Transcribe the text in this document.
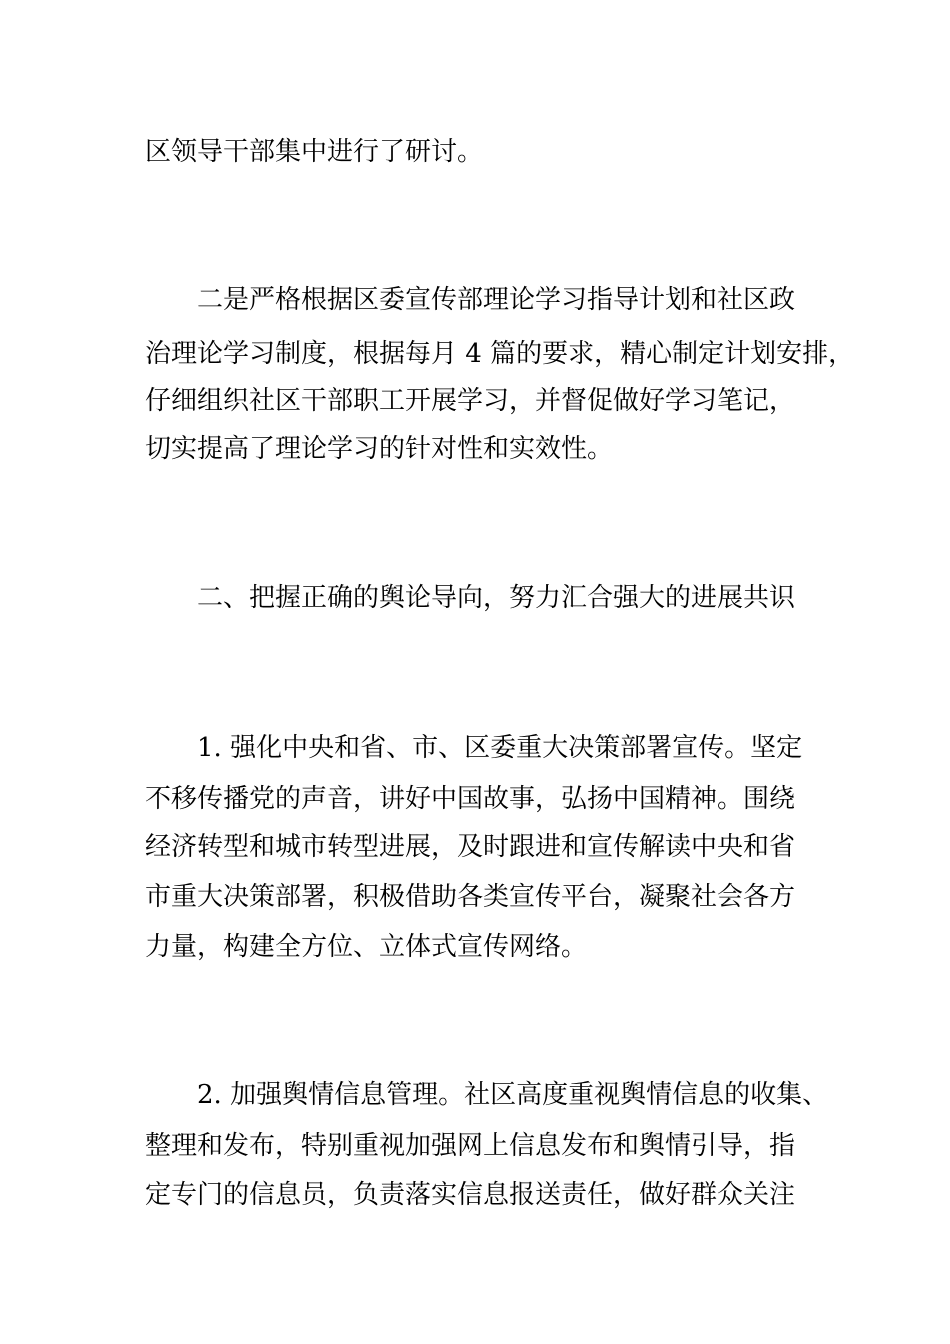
区领导干部集中进行了研讨。

二是严格根据区委宣传部理论学习指导计划和社区政

治理论学习制度，根据每月 4 篇的要求，精心制定计划安排，

仔细组织社区干部职工开展学习，并督促做好学习笔记，

切实提高了理论学习的针对性和实效性。

二、把握正确的舆论导向，努力汇合强大的进展共识

1. 强化中央和省、市、区委重大决策部署宣传。坚定

不移传播党的声音，讲好中国故事，弘扬中国精神。围绕

经济转型和城市转型进展，及时跟进和宣传解读中央和省

市重大决策部署，积极借助各类宣传平台，凝聚社会各方

力量，构建全方位、立体式宣传网络。

2. 加强舆情信息管理。社区高度重视舆情信息的收集、

整理和发布，特别重视加强网上信息发布和舆情引导，指

定专门的信息员，负责落实信息报送责任，做好群众关注
